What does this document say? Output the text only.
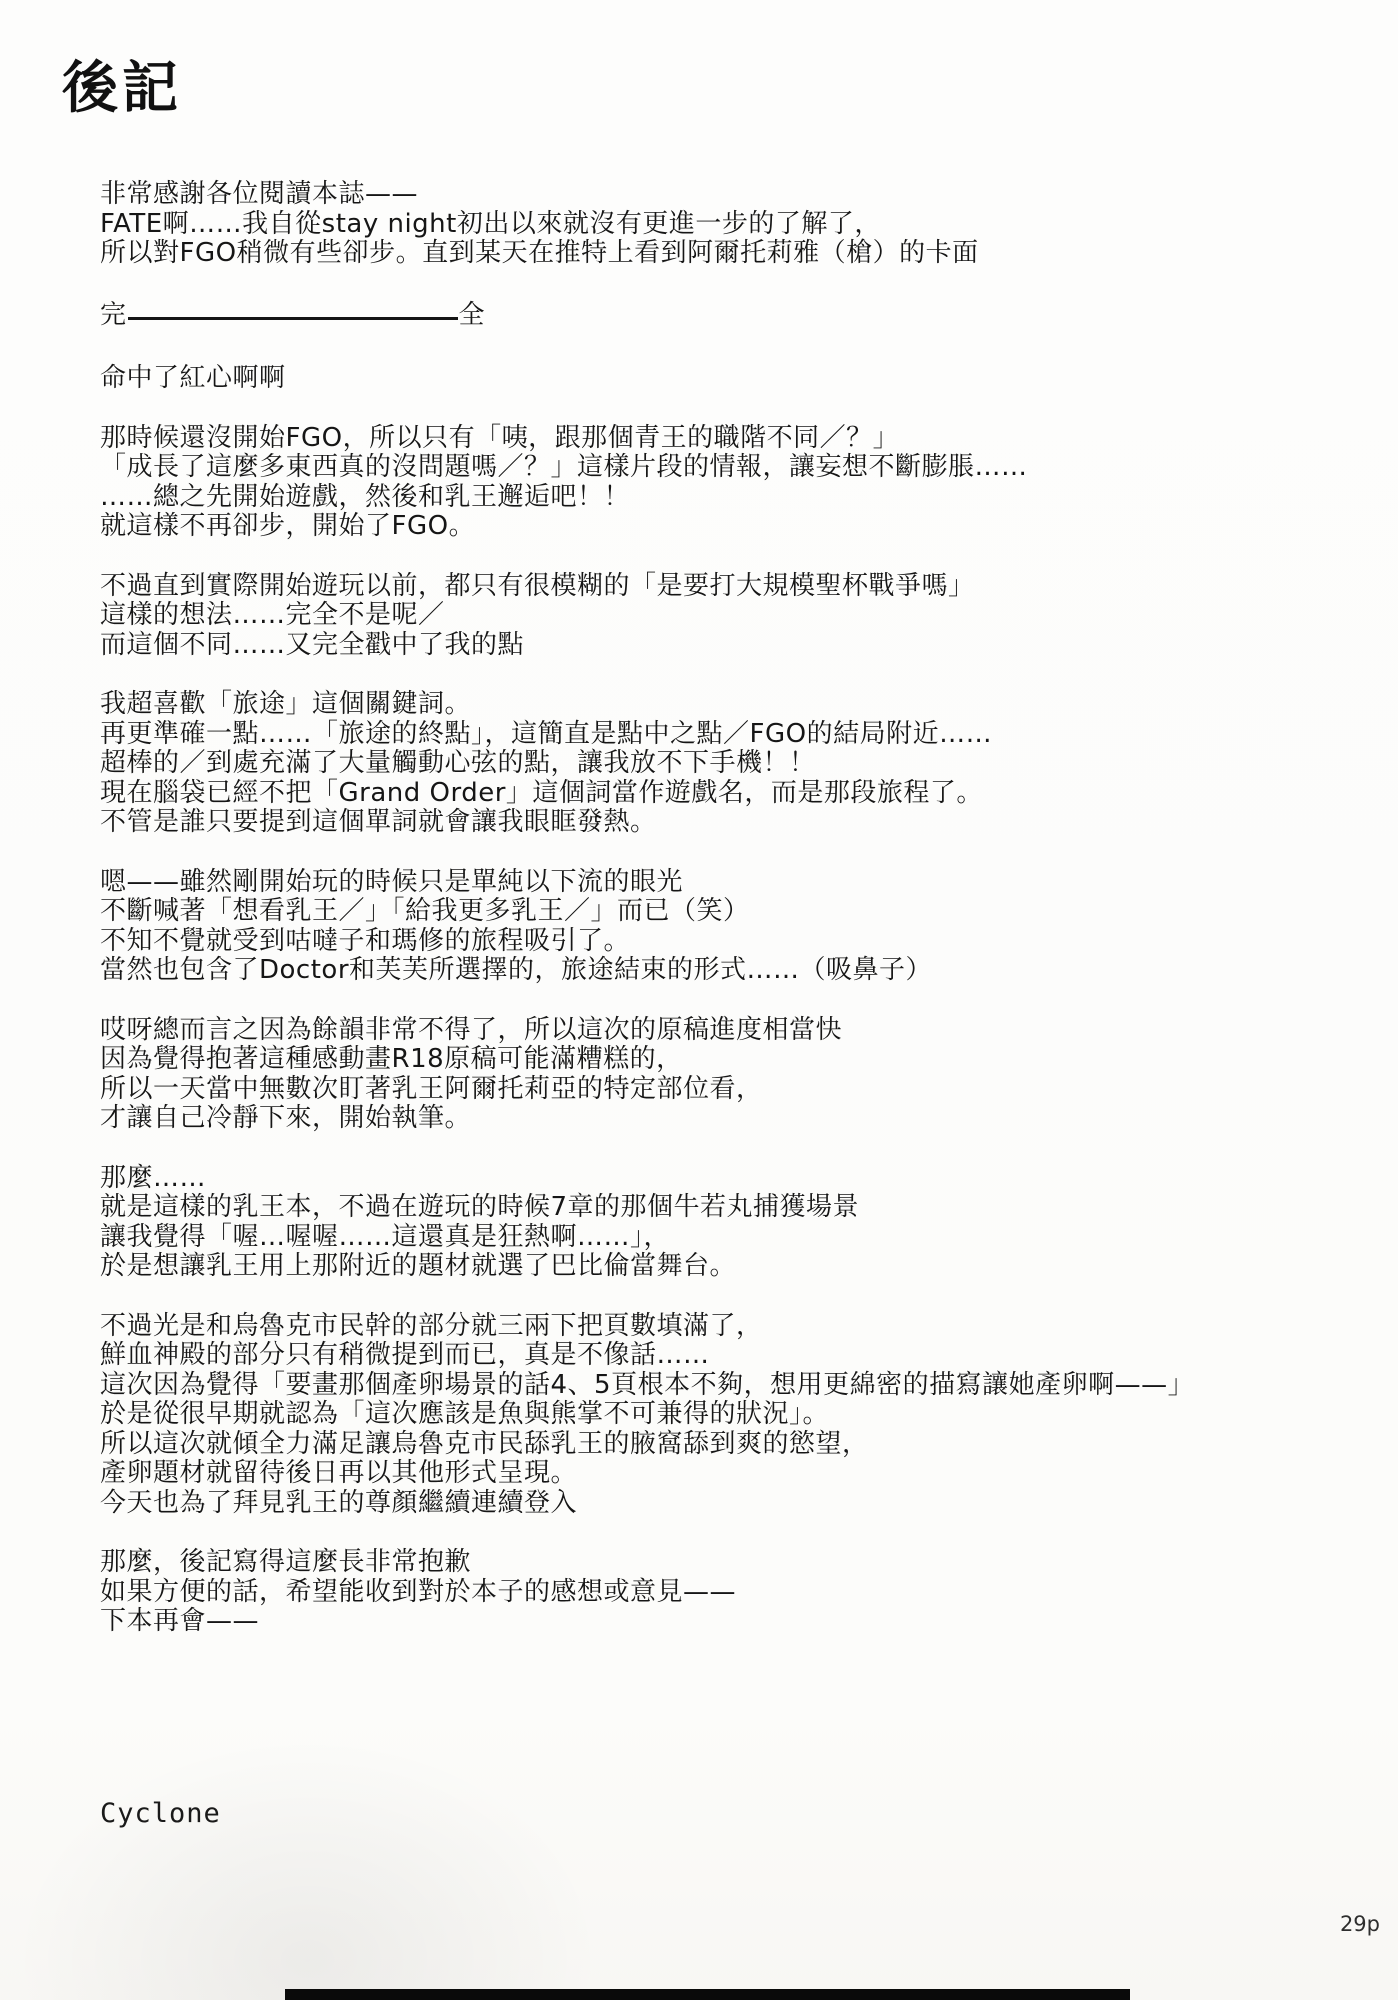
後記
非常感謝各位閱讀本誌——
FATE啊……我自從stay night初出以來就沒有更進一步的了解了，
所以對FGO稍微有些卻步。直到某天在推特上看到阿爾托莉雅（槍）的卡面
完	全
命中了紅心啊啊
那時候還沒開始FGO，所以只有「咦，跟那個青王的職階不同／？」
「成長了這麼多東西真的沒問題嗎／？」這樣片段的情報，讓妄想不斷膨脹……
……總之先開始遊戲，然後和乳王邂逅吧！！
就這樣不再卻步，開始了FGO。
不過直到實際開始遊玩以前，都只有很模糊的「是要打大規模聖杯戰爭嗎」
這樣的想法……完全不是呢／
而這個不同……又完全戳中了我的點
我超喜歡「旅途」這個關鍵詞。
再更準確一點……「旅途的終點」，這簡直是點中之點／FGO的結局附近……
超棒的／到處充滿了大量觸動心弦的點，讓我放不下手機！！
現在腦袋已經不把「Grand Order」這個詞當作遊戲名，而是那段旅程了。
不管是誰只要提到這個單詞就會讓我眼眶發熱。
嗯——雖然剛開始玩的時候只是單純以下流的眼光
不斷喊著「想看乳王／」「給我更多乳王／」而已（笑）
不知不覺就受到咕噠子和瑪修的旅程吸引了。
當然也包含了Doctor和芙芙所選擇的，旅途結束的形式……（吸鼻子）
哎呀總而言之因為餘韻非常不得了，所以這次的原稿進度相當快
因為覺得抱著這種感動畫R18原稿可能滿糟糕的，
所以一天當中無數次盯著乳王阿爾托莉亞的特定部位看，
才讓自己冷靜下來，開始執筆。
那麼……
就是這樣的乳王本，不過在遊玩的時候7章的那個牛若丸捕獲場景
讓我覺得「喔…喔喔……這還真是狂熱啊……」，
於是想讓乳王用上那附近的題材就選了巴比倫當舞台。
不過光是和烏魯克市民幹的部分就三兩下把頁數填滿了，
鮮血神殿的部分只有稍微提到而已，真是不像話……
這次因為覺得「要畫那個產卵場景的話4、5頁根本不夠，想用更綿密的描寫讓她產卵啊——」
於是從很早期就認為「這次應該是魚與熊掌不可兼得的狀況」。
所以這次就傾全力滿足讓烏魯克市民舔乳王的腋窩舔到爽的慾望，
產卵題材就留待後日再以其他形式呈現。
今天也為了拜見乳王的尊顏繼續連續登入
那麼，後記寫得這麼長非常抱歉
如果方便的話，希望能收到對於本子的感想或意見——
下本再會——
Cyclone
29p
